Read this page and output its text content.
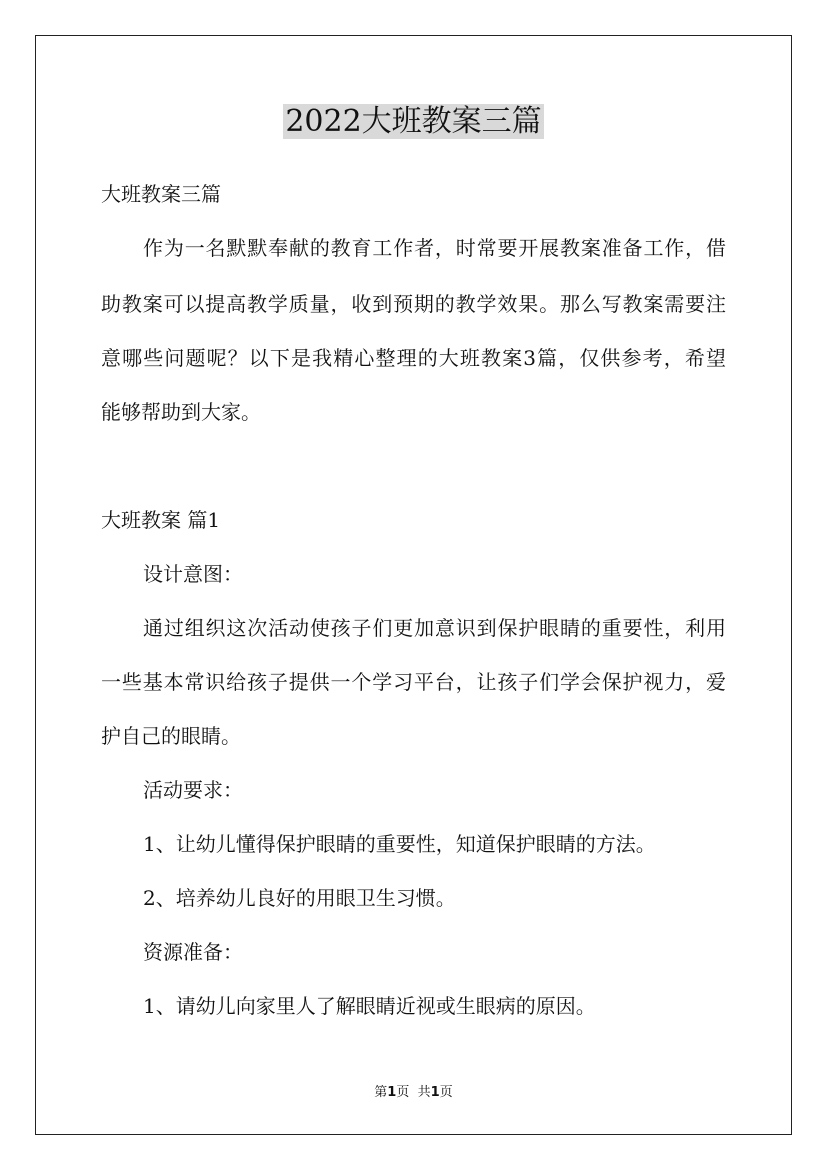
2022大班教案三篇
大班教案三篇
作为一名默默奉献的教育工作者，时常要开展教案准备工作，借
助教案可以提高教学质量，收到预期的教学效果。那么写教案需要注
意哪些问题呢？以下是我精心整理的大班教案3篇，仅供参考，希望
能够帮助到大家。
大班教案 篇1
设计意图：
通过组织这次活动使孩子们更加意识到保护眼睛的重要性，利用
一些基本常识给孩子提供一个学习平台，让孩子们学会保护视力，爱
护自己的眼睛。
活动要求：
1、让幼儿懂得保护眼睛的重要性，知道保护眼睛的方法。
2、培养幼儿良好的用眼卫生习惯。
资源准备：
1、请幼儿向家里人了解眼睛近视或生眼病的原因。
第1页 共1页
